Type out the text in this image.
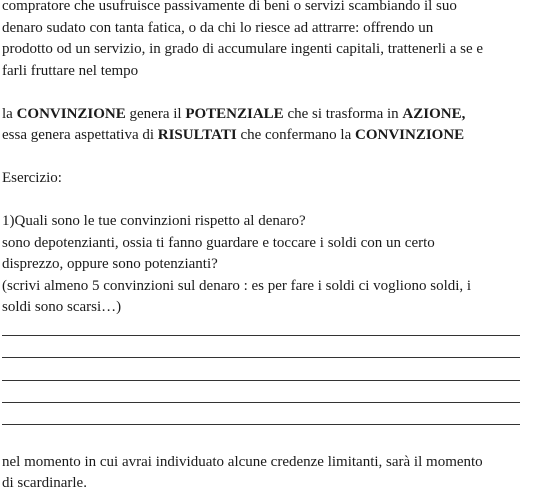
compratore che usufruisce passivamente di beni o servizi scambiando il suo
denaro sudato con tanta fatica, o da chi lo riesce ad attrarre: offrendo un
prodotto od un servizio, in grado di accumulare ingenti capitali, trattenerli a se e
farli fruttare nel tempo
la CONVINZIONE genera il POTENZIALE che si trasforma in AZIONE,
essa genera aspettativa di RISULTATI che confermano la CONVINZIONE
Esercizio:
1)Quali sono le tue convinzioni rispetto al denaro?
sono depotenzianti, ossia ti fanno guardare e toccare i soldi con un certo
disprezzo, oppure sono potenzianti?
(scrivi almeno 5 convinzioni sul denaro : es per fare i soldi ci vogliono soldi, i
soldi sono scarsi…)
nel momento in cui avrai individuato alcune credenze limitanti, sarà il momento
di scardinarle.
